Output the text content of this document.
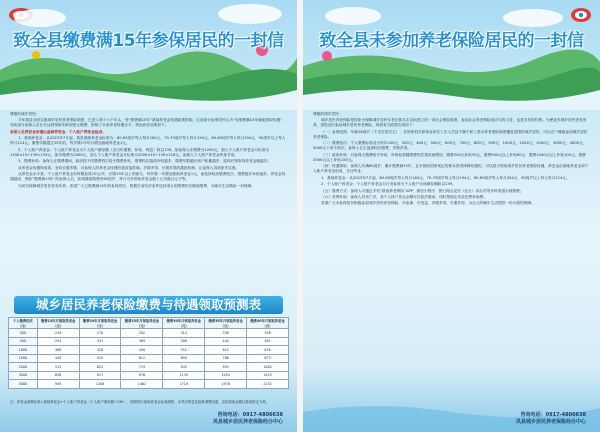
致全县缴费满15年参保居民的一封信

尊敬的城乡居民：

今年我县全面实施城乡居民养老保险制度，已进入第十六个年头，受“缴费满15年”基础养老金待遇政策影响，目前部分参保居民认为“有缴费满15年就能领取待遇”，导致部分参保人员在未达到领取年龄前停止缴费，影响了未来养老待遇水平，特此致信说明如下。

参保人员养老金待遇由基础养老金、个人账户养老金组成。

1、基础养老金：从2023年7月起，我县基础养老金标准为：60-69周岁每人每月184元、70-79周岁每人每月194元、80-89周岁每人每月204元、90周岁以上每人每月214元。缴费年限超过15年的，每多缴1年每月增加基础养老金1元。

2、个人账户养老金：个人账户养老金为个人账户储存额（含历年缴费、补贴、利息）除以139。如参保人年缴费为1290元，那么个人账户养老金月标准为1290×15÷139≈139元；如年缴费为2000元，那么个人账户养老金月标准为2000×15÷139≈216元。参保人个人账户养老金终身享受。

3、缴费补贴：参保人在缴费期间，政府按不同缴费档次给予缴费补贴，缴费档次越高补贴越多，缴费年限越长账户积累越多，退休后领取的养老金就越多。

从养老金待遇构成看，坚持长缴多缴，对参保人的养老金待遇有着直接影响。多缴多得、长缴多得的激励机制，让参保人得到更多实惠。

从养老金水平看，个人账户养老金有时限标准10元/年，长缴15年以上的部分，每多缴一年增加基础养老金1元，而选择较高缴费档次，缴费越多补贴越多，养老金待遇越高，例如“缴费满15年”的参保人员，如果继续缴费至60周岁，每月可多领取养老金数十元至数百元不等。

为切实保障城乡居民老有所养，希望广大已缴费满15年的参保居民，根据自身经济条件选择适合的缴费档次继续缴费，为晚年生活增添一份保障。

城乡居民养老保险缴费与待遇领取预测表
个人缴费档次（元）	缴费15年月领取养老金（元）	缴费20年月领取养老金（元）	缴费25年月领取养老金（元）	缴费30年月领取养老金（元）	缴费35年月领取养老金（元）	缴费40年月领取养老金（元）
200	249	270	292	314	336	358
500	294	331	369	406	444	481
1000	366	428	490	552	614	676
1500	440	525	612	699	786	873
2000	512	622	733	843	954	1064
3000	658	817	976	1135	1294	1453
5000	949	1206	1462	1719	1976	2232
注：养老金测算标准=基础养老金+个人账户养老金（个人账户储存额÷139），按照现行基础养老金标准测算，未考虑利息及政策调整因素，实际领取金额以系统核定为准。
咨询电话：0917-4806638
凤县城乡居民养老保险经办中心
致全县未参加养老保险居民的一封信

尊敬的城乡居民：

城乡居民养老保险是国家为保障城乡居民年老后基本生活而建立的一项社会保险制度，参加社会养老保险是应尽的义务，也是享有的权利。为使更多城乡居民老有所养，请您及时参加城乡居民养老保险，现将有关政策告知如下：

（一）参保范围：年满16周岁（不含在校学生），非国家机关和事业单位工作人员及不属于职工基本养老保险制度覆盖范围的城乡居民，可以在户籍地参加城乡居民养老保险。

（二）缴费档次：个人缴费标准设为每年200元、300元、400元、500元、600元、700元、800元、900元、1000元、1500元、2000元、3000元、4000元、5000元十四个档次，参保人自主选择档次缴费，多缴多得。

（三）政府补贴：对参保人缴费给予补贴，补贴标准随缴费档次提高而增加，缴费200元补贴30元，缴费500元以上补贴60元，缴费1000元以上补贴100元，缴费2000元以上补贴150元。

（四）待遇领取：参保人年满60周岁，累计缴费满15年，且未领取国家规定的基本养老保障待遇的，可以按月领取城乡居民养老保险待遇，养老金由基础养老金和个人账户养老金组成，支付终身。

1、基础养老金：从2023年7月起，60-69周岁每人每月184元、70-79周岁每人每月194元、80-89周岁每人每月204元、90周岁以上每人每月214元。

2、个人账户养老金：个人账户养老金月计发标准为个人账户全部储存额除以139。

（五）缴费方式：参保人可通过手机“陕西养老保险”APP、微信小程序、银行网点及村（社区）协办员等多种渠道办理缴费。

（六）丧葬补助：参保人员死亡后，其个人账户资金余额可以依法继承，同时按规定发放丧葬补助费。

希望广大未参保居民积极参加城乡居民养老保险，早参保、早受益，多缴多得、长缴多得，为自己的晚年生活提供一份可靠的保障。

咨询电话：0917-4806638
凤县城乡居民养老保险经办中心
